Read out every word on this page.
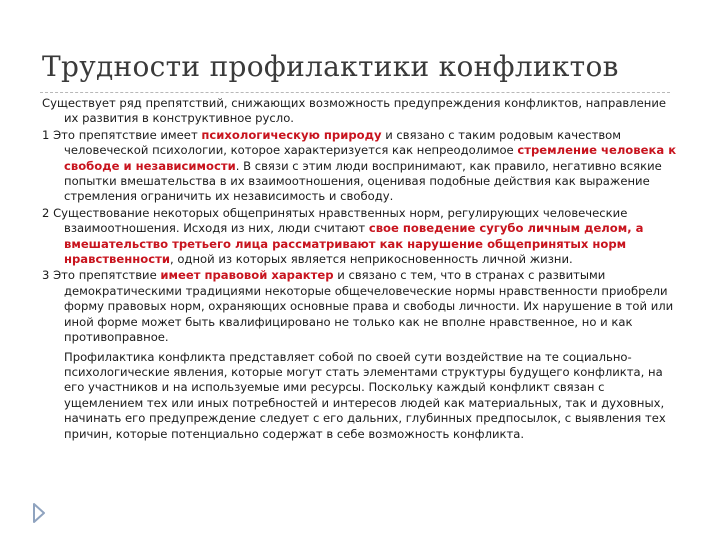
Трудности профилактики конфликтов

Существует ряд препятствий, снижающих возможность предупреждения конфликтов, направление их развития в конструктивное русло.

1 Это препятствие имеет психологическую природу и связано с таким родовым качеством человеческой психологии, которое характеризуется как непреодолимое стремление человека к свободе и независимости. В связи с этим люди воспринимают, как правило, негативно всякие попытки вмешательства в их взаимоотношения, оценивая подобные действия как выражение стремления ограничить их независимость и свободу.

2 Существование некоторых общепринятых нравственных норм, регулирующих человеческие взаимоотношения. Исходя из них, люди считают свое поведение сугубо личным делом, а вмешательство третьего лица рассматривают как нарушение общепринятых норм нравственности, одной из которых является неприкосновенность личной жизни.

3 Это препятствие имеет правовой характер и связано с тем, что в странах с развитыми демократическими традициями некоторые общечеловеческие нормы нравственности приобрели форму правовых норм, охраняющих основные права и свободы личности. Их нарушение в той или иной форме может быть квалифицировано не только как не вполне нравственное, но и как противоправное.

Профилактика конфликта представляет собой по своей сути воздействие на те социально-психологические явления, которые могут стать элементами структуры будущего конфликта, на его участников и на используемые ими ресурсы. Поскольку каждый конфликт связан с ущемлением тех или иных потребностей и интересов людей как материальных, так и духовных, начинать его предупреждение следует с его дальних, глубинных предпосылок, с выявления тех причин, которые потенциально содержат в себе возможность конфликта.
